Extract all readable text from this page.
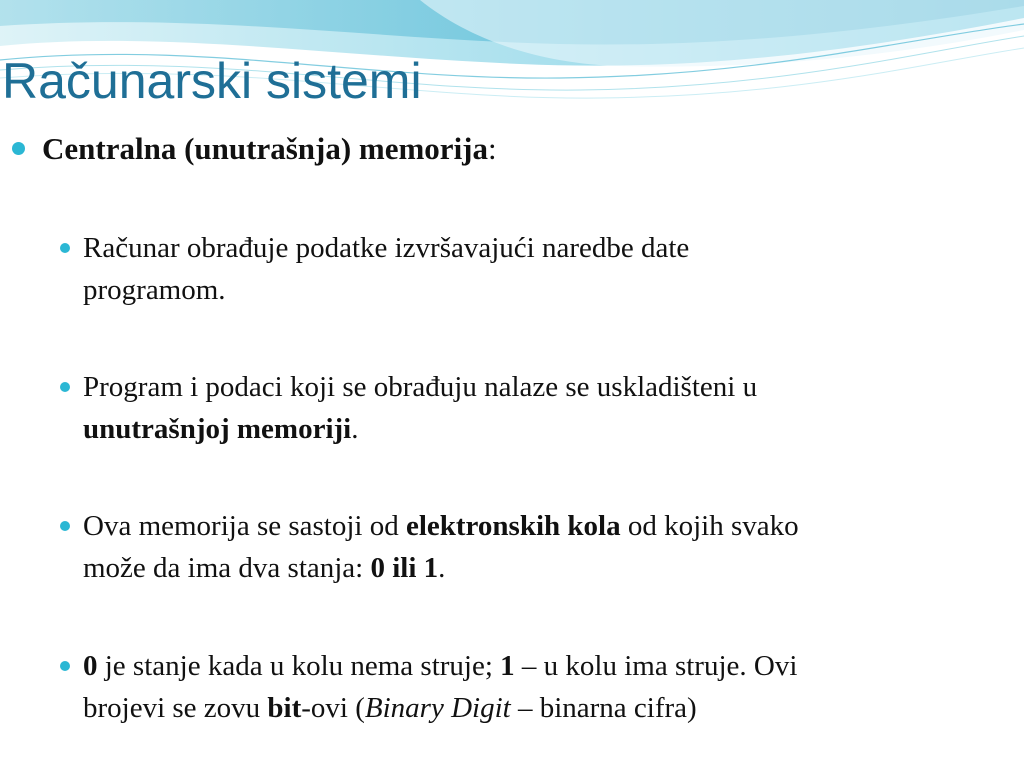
Računarski sistemi
Centralna (unutrašnja) memorija:
Računar obrađuje podatke izvršavajući naredbe date
programom.
Program i podaci koji se obrađuju nalaze se uskladišteni u
unutrašnjoj memoriji.
Ova memorija se sastoji od elektronskih kola od kojih svako
može da ima dva stanja: 0 ili 1.
0 je stanje kada u kolu nema struje; 1 – u kolu ima struje. Ovi
brojevi se zovu bit-ovi (Binary Digit – binarna cifra)
